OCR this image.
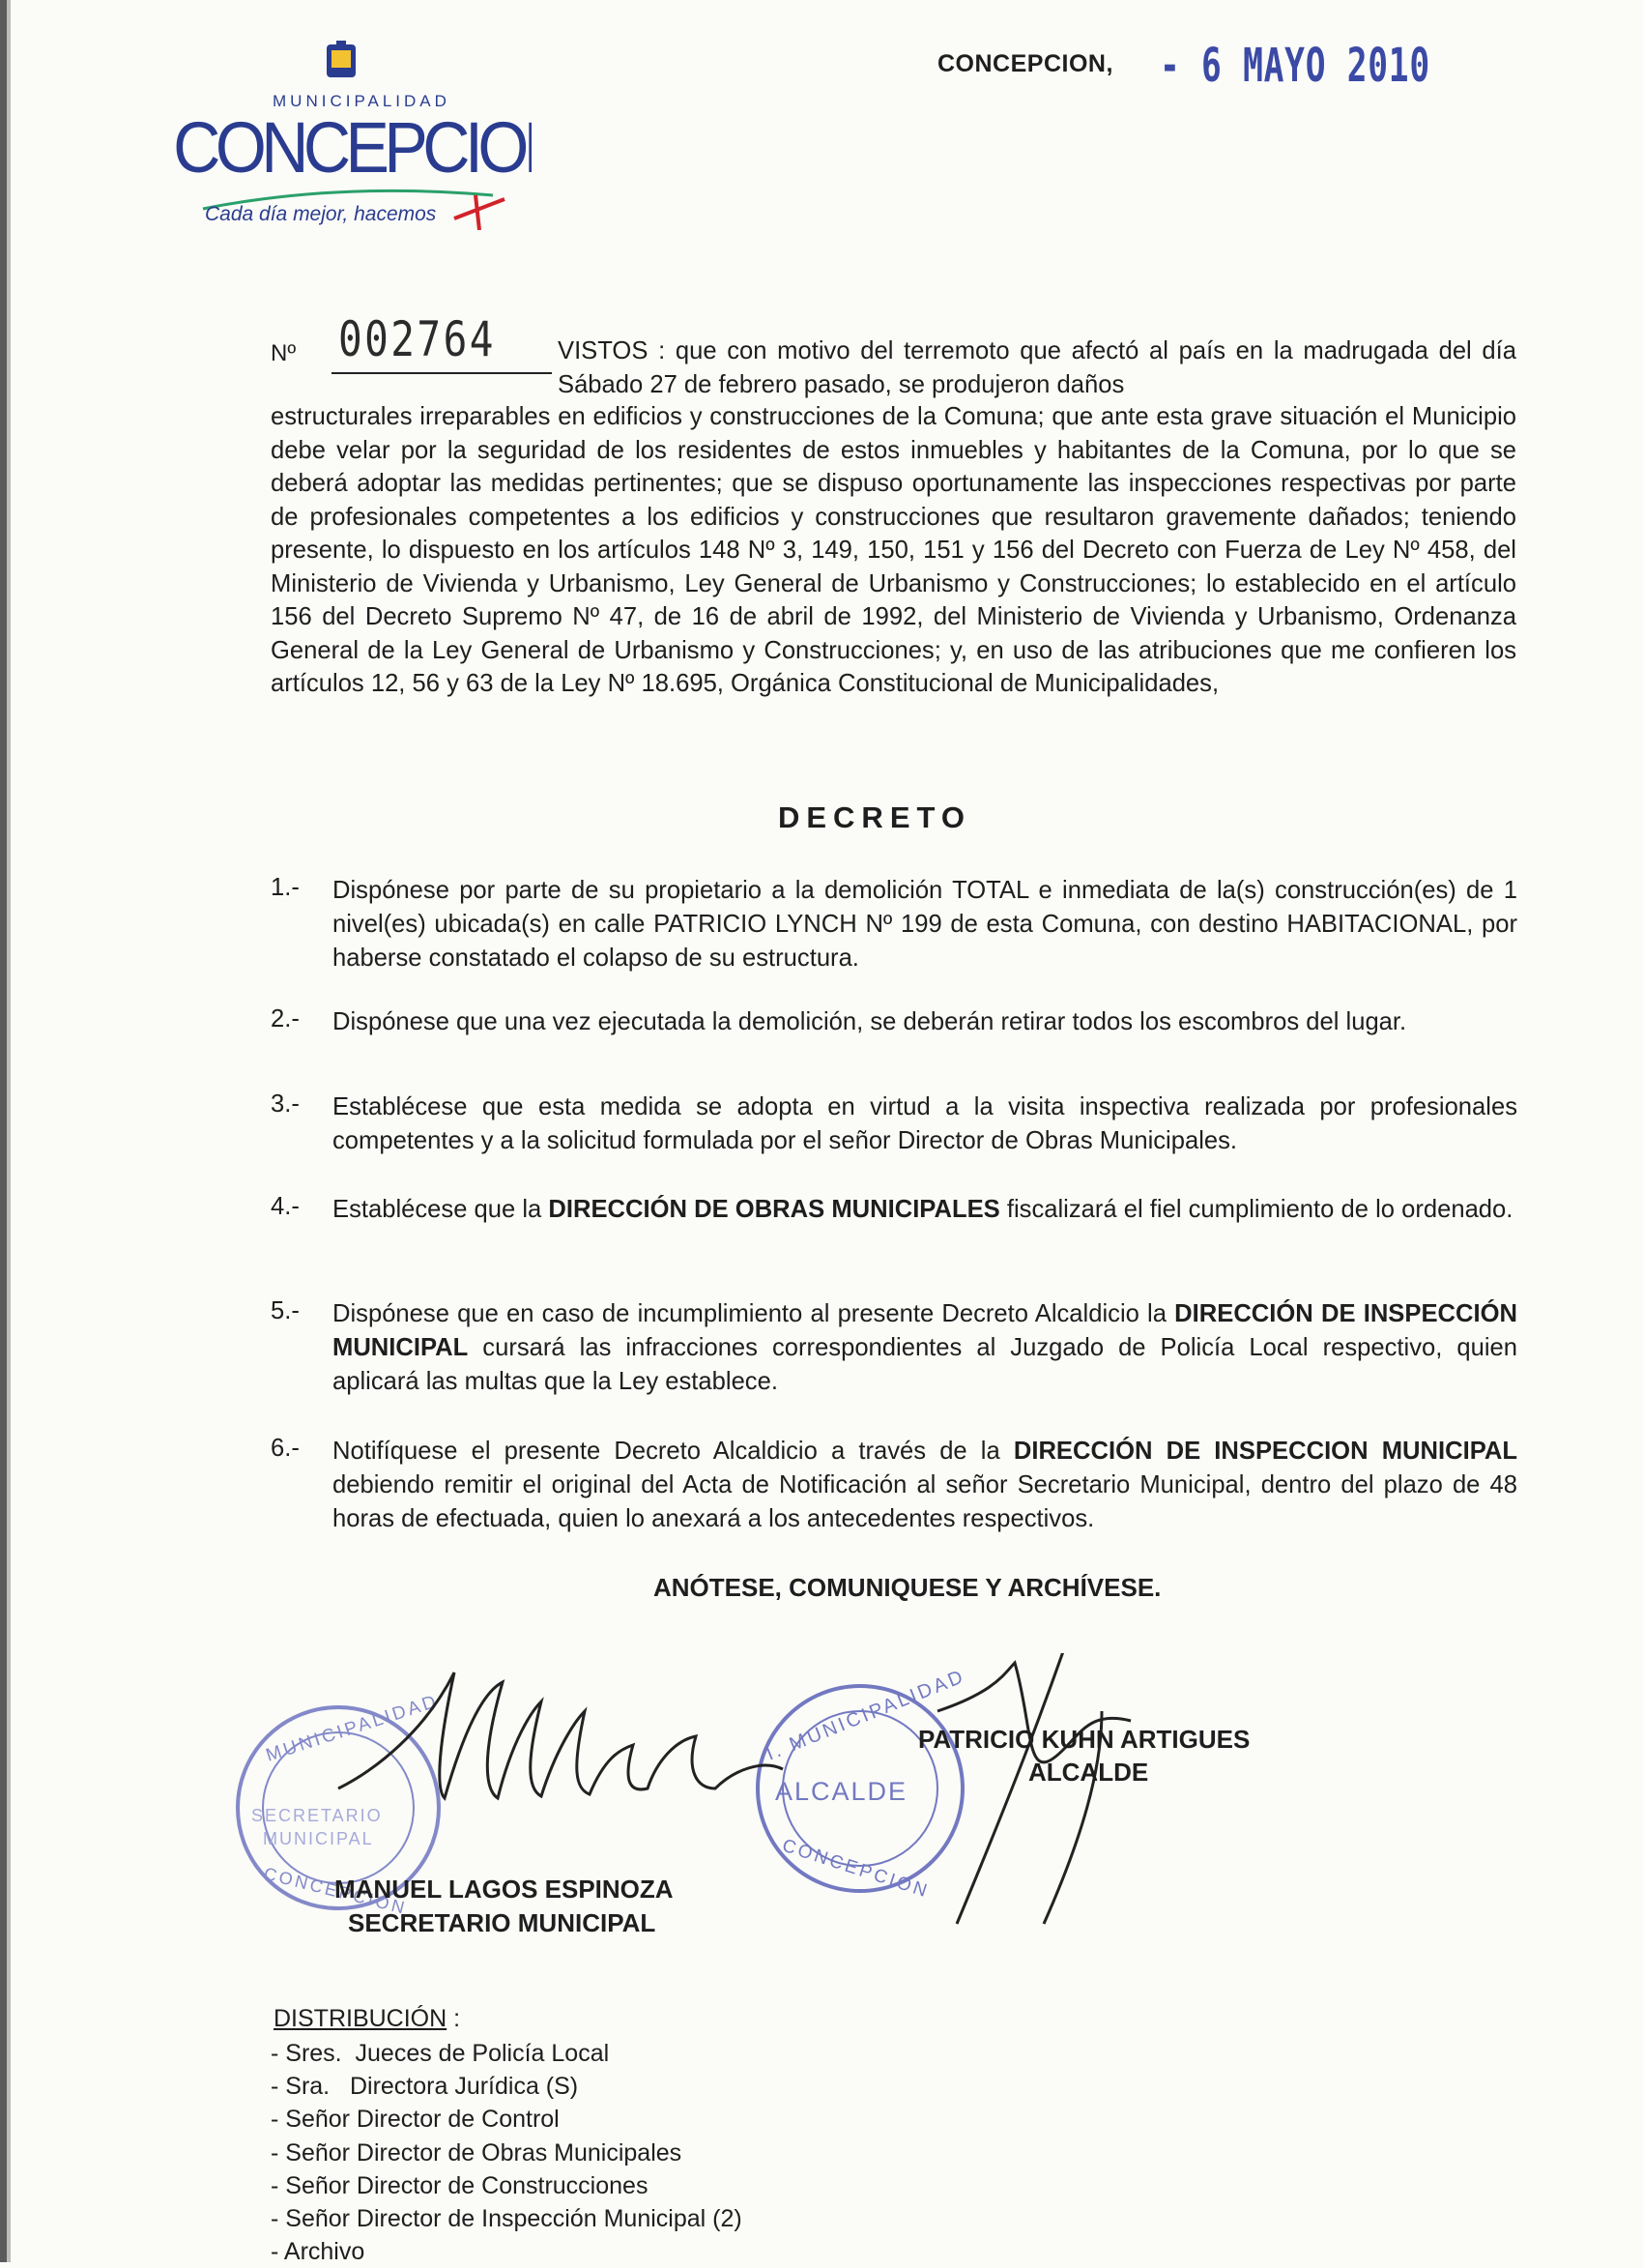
MUNICIPALIDAD
CONCEPCION
Cada día mejor, hacemos
CONCEPCION, - 6 MAYO 2010
Nº 002764	VISTOS : que con motivo del terremoto que afectó al país en la madrugada del día Sábado 27 de febrero pasado, se produjeron daños
estructurales irreparables en edificios y construcciones de la Comuna; que ante esta grave situación el Municipio debe velar por la seguridad de los residentes de estos inmuebles y habitantes de la Comuna, por lo que se deberá adoptar las medidas pertinentes; que se dispuso oportunamente las inspecciones respectivas por parte de profesionales competentes a los edificios y construcciones que resultaron gravemente dañados; teniendo presente, lo dispuesto en los artículos 148 Nº 3, 149, 150, 151 y 156 del Decreto con Fuerza de Ley Nº 458, del Ministerio de Vivienda y Urbanismo, Ley General de Urbanismo y Construcciones; lo establecido en el artículo 156 del Decreto Supremo Nº 47, de 16 de abril de 1992, del Ministerio de Vivienda y Urbanismo, Ordenanza General de la Ley General de Urbanismo y Construcciones; y, en uso de las atribuciones que me confieren los artículos 12, 56 y 63 de la Ley Nº 18.695, Orgánica Constitucional de Municipalidades,
DECRETO
1.-	Dispónese por parte de su propietario a la demolición TOTAL e inmediata de la(s) construcción(es) de 1 nivel(es) ubicada(s) en calle PATRICIO LYNCH Nº 199 de esta Comuna, con destino HABITACIONAL, por haberse constatado el colapso de su estructura.
2.-	Dispónese que una vez ejecutada la demolición, se deberán retirar todos los escombros del lugar.
3.-	Establécese que esta medida se adopta en virtud a la visita inspectiva realizada por profesionales competentes y a la solicitud formulada por el señor Director de Obras Municipales.
4.-	Establécese que la DIRECCIÓN DE OBRAS MUNICIPALES fiscalizará el fiel cumplimiento de lo ordenado.
5.-	Dispónese que en caso de incumplimiento al presente Decreto Alcaldicio la DIRECCIÓN DE INSPECCIÓN MUNICIPAL cursará las infracciones correspondientes al Juzgado de Policía Local respectivo, quien aplicará las multas que la Ley establece.
6.-	Notifíquese el presente Decreto Alcaldicio a través de la DIRECCIÓN DE INSPECCION MUNICIPAL debiendo remitir el original del Acta de Notificación al señor Secretario Municipal, dentro del plazo de 48 horas de efectuada, quien lo anexará a los antecedentes respectivos.
ANÓTESE, COMUNIQUESE Y ARCHÍVESE.
MUNICIPALIDAD
SECRETARIO
MUNICIPAL
CONCEPCION
I. MUNICIPALIDAD
ALCALDE
CONCEPCION
PATRICIO KUHN ARTIGUES
ALCALDE
MANUEL LAGOS ESPINOZA
SECRETARIO MUNICIPAL
DISTRIBUCIÓN :
- Sres.  Jueces de Policía Local
- Sra.   Directora Jurídica (S)
- Señor Director de Control
- Señor Director de Obras Municipales
- Señor Director de Construcciones
- Señor Director de Inspección Municipal (2)
- Archivo
